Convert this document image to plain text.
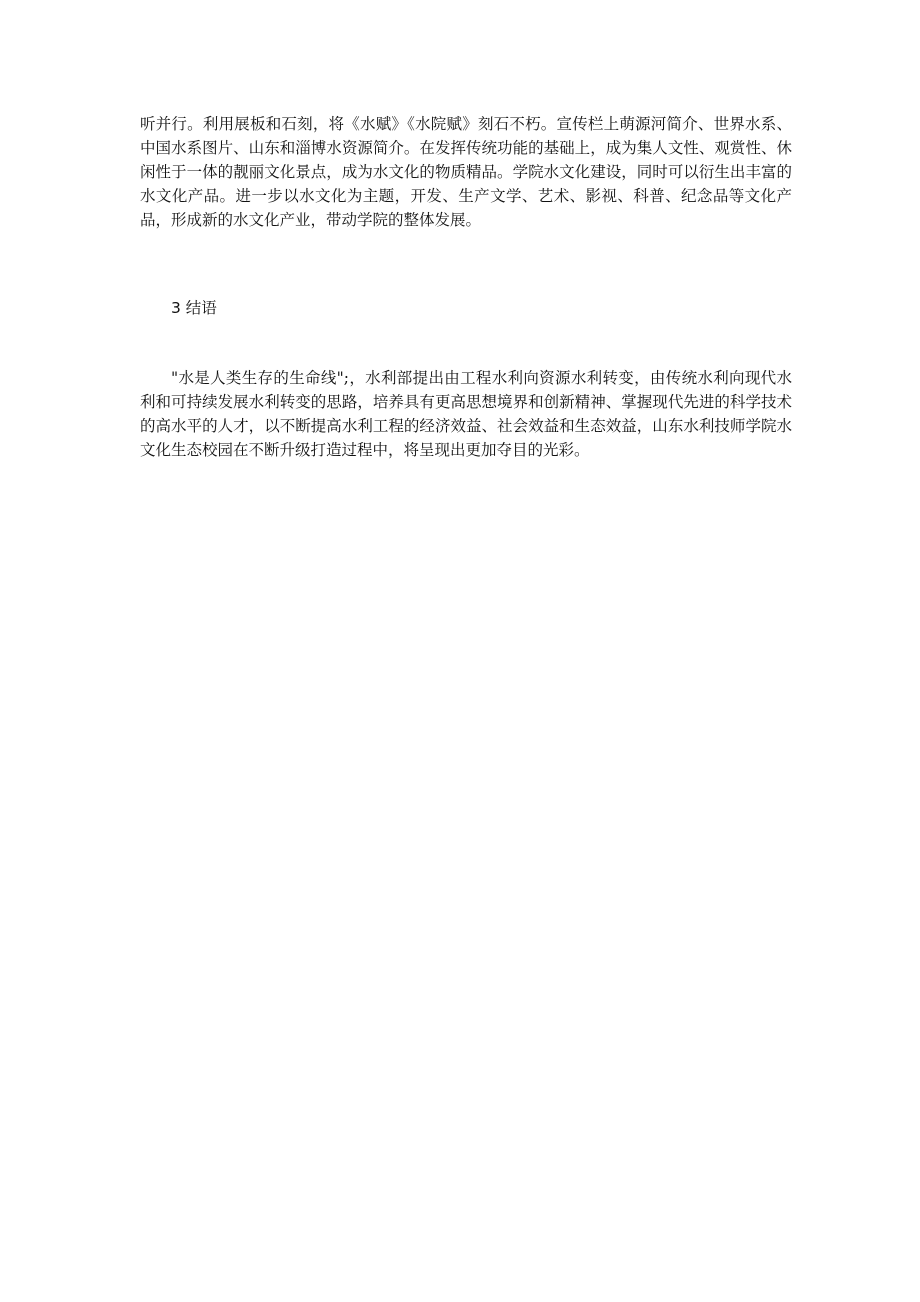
听并行。利用展板和石刻，将《水赋》《水院赋》刻石不朽。宣传栏上萌源河简介、世界水系、中国水系图片、山东和淄博水资源简介。在发挥传统功能的基础上，成为集人文性、观赏性、休闲性于一体的靓丽文化景点，成为水文化的物质精品。学院水文化建设，同时可以衍生出丰富的水文化产品。进一步以水文化为主题，开发、生产文学、艺术、影视、科普、纪念品等文化产品，形成新的水文化产业，带动学院的整体发展。

3 结语

"水是人类生存的生命线";，水利部提出由工程水利向资源水利转变，由传统水利向现代水利和可持续发展水利转变的思路，培养具有更高思想境界和创新精神、掌握现代先进的科学技术的高水平的人才，以不断提高水利工程的经济效益、社会效益和生态效益，山东水利技师学院水文化生态校园在不断升级打造过程中，将呈现出更加夺目的光彩。
